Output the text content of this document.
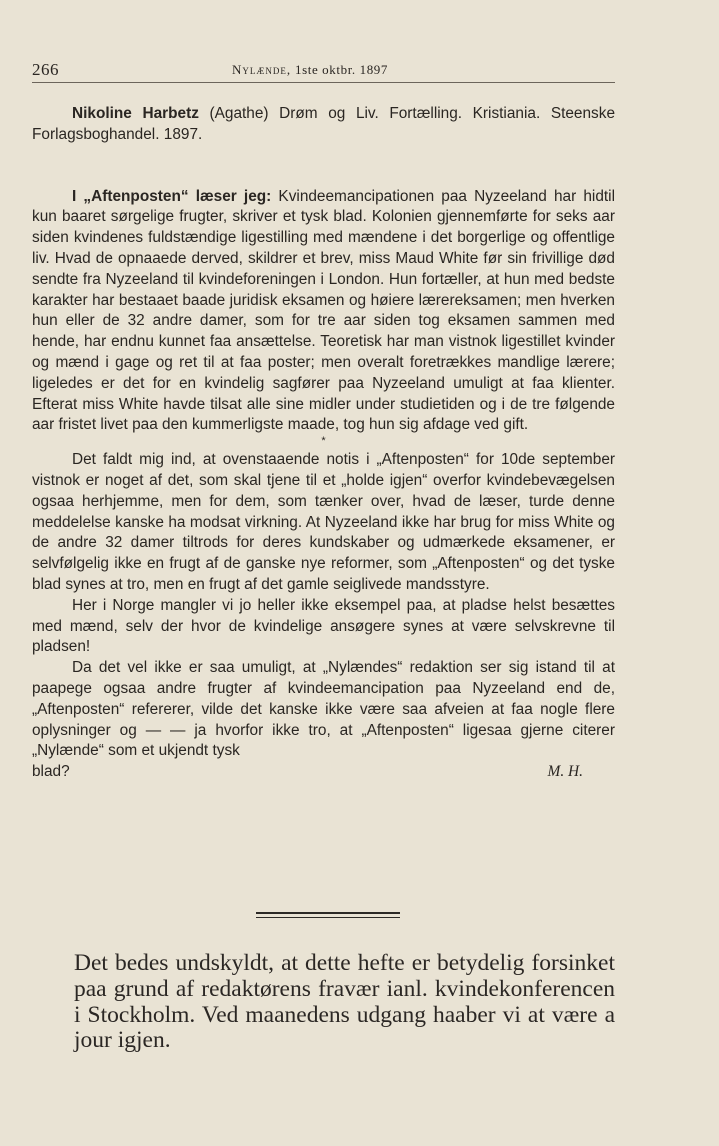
266	Nylænde, 1ste oktbr. 1897

Nikoline Harbetz (Agathe) Drøm og Liv. Fortælling. Kristiania. Steenske Forlagsboghandel. 1897.

I „Aftenposten“ læser jeg: Kvindeemancipationen paa Nyzeeland har hidtil kun baaret sørgelige frugter, skriver et tysk blad. Kolonien gjennemførte for seks aar siden kvindenes fuldstændige ligestilling med mændene i det borgerlige og offentlige liv. Hvad de opnaaede derved, skildrer et brev, miss Maud White før sin frivillige død sendte fra Nyzeeland til kvindeforeningen i London. Hun fortæller, at hun med bedste karakter har bestaaet baade juridisk eksamen og høiere lærereksamen; men hverken hun eller de 32 andre damer, som for tre aar siden tog eksamen sammen med hende, har endnu kunnet faa ansættelse. Teoretisk har man vistnok ligestillet kvinder og mænd i gage og ret til at faa poster; men overalt foretrækkes mandlige lærere; ligeledes er det for en kvindelig sagfører paa Nyzeeland umuligt at faa klienter. Efterat miss White havde tilsat alle sine midler under studietiden og i de tre følgende aar fristet livet paa den kummerligste maade, tog hun sig afdage ved gift.

*

Det faldt mig ind, at ovenstaaende notis i „Aftenposten“ for 10de september vistnok er noget af det, som skal tjene til et „holde igjen“ overfor kvindebevægelsen ogsaa herhjemme, men for dem, som tænker over, hvad de læser, turde denne meddelelse kanske ha modsat virkning. At Nyzeeland ikke har brug for miss White og de andre 32 damer tiltrods for deres kundskaber og udmærkede eksamener, er selvfølgelig ikke en frugt af de ganske nye reformer, som „Aftenposten“ og det tyske blad synes at tro, men en frugt af det gamle seiglivede mandsstyre.

Her i Norge mangler vi jo heller ikke eksempel paa, at pladse helst besættes med mænd, selv der hvor de kvindelige ansøgere synes at være selvskrevne til pladsen!

Da det vel ikke er saa umuligt, at „Nylændes“ redaktion ser sig istand til at paapege ogsaa andre frugter af kvindeemancipation paa Nyzeeland end de, „Aftenposten“ refererer, vilde det kanske ikke være saa afveien at faa nogle flere oplysninger og — — ja hvorfor ikke tro, at „Aftenposten“ ligesaa gjerne citerer „Nylænde“ som et ukjendt tysk

blad?	M. H.

Det bedes undskyldt, at dette hefte er betydelig forsinket paa grund af redaktørens fravær ianl. kvindekonferencen i Stockholm. Ved maanedens udgang haaber vi at være a jour igjen.
